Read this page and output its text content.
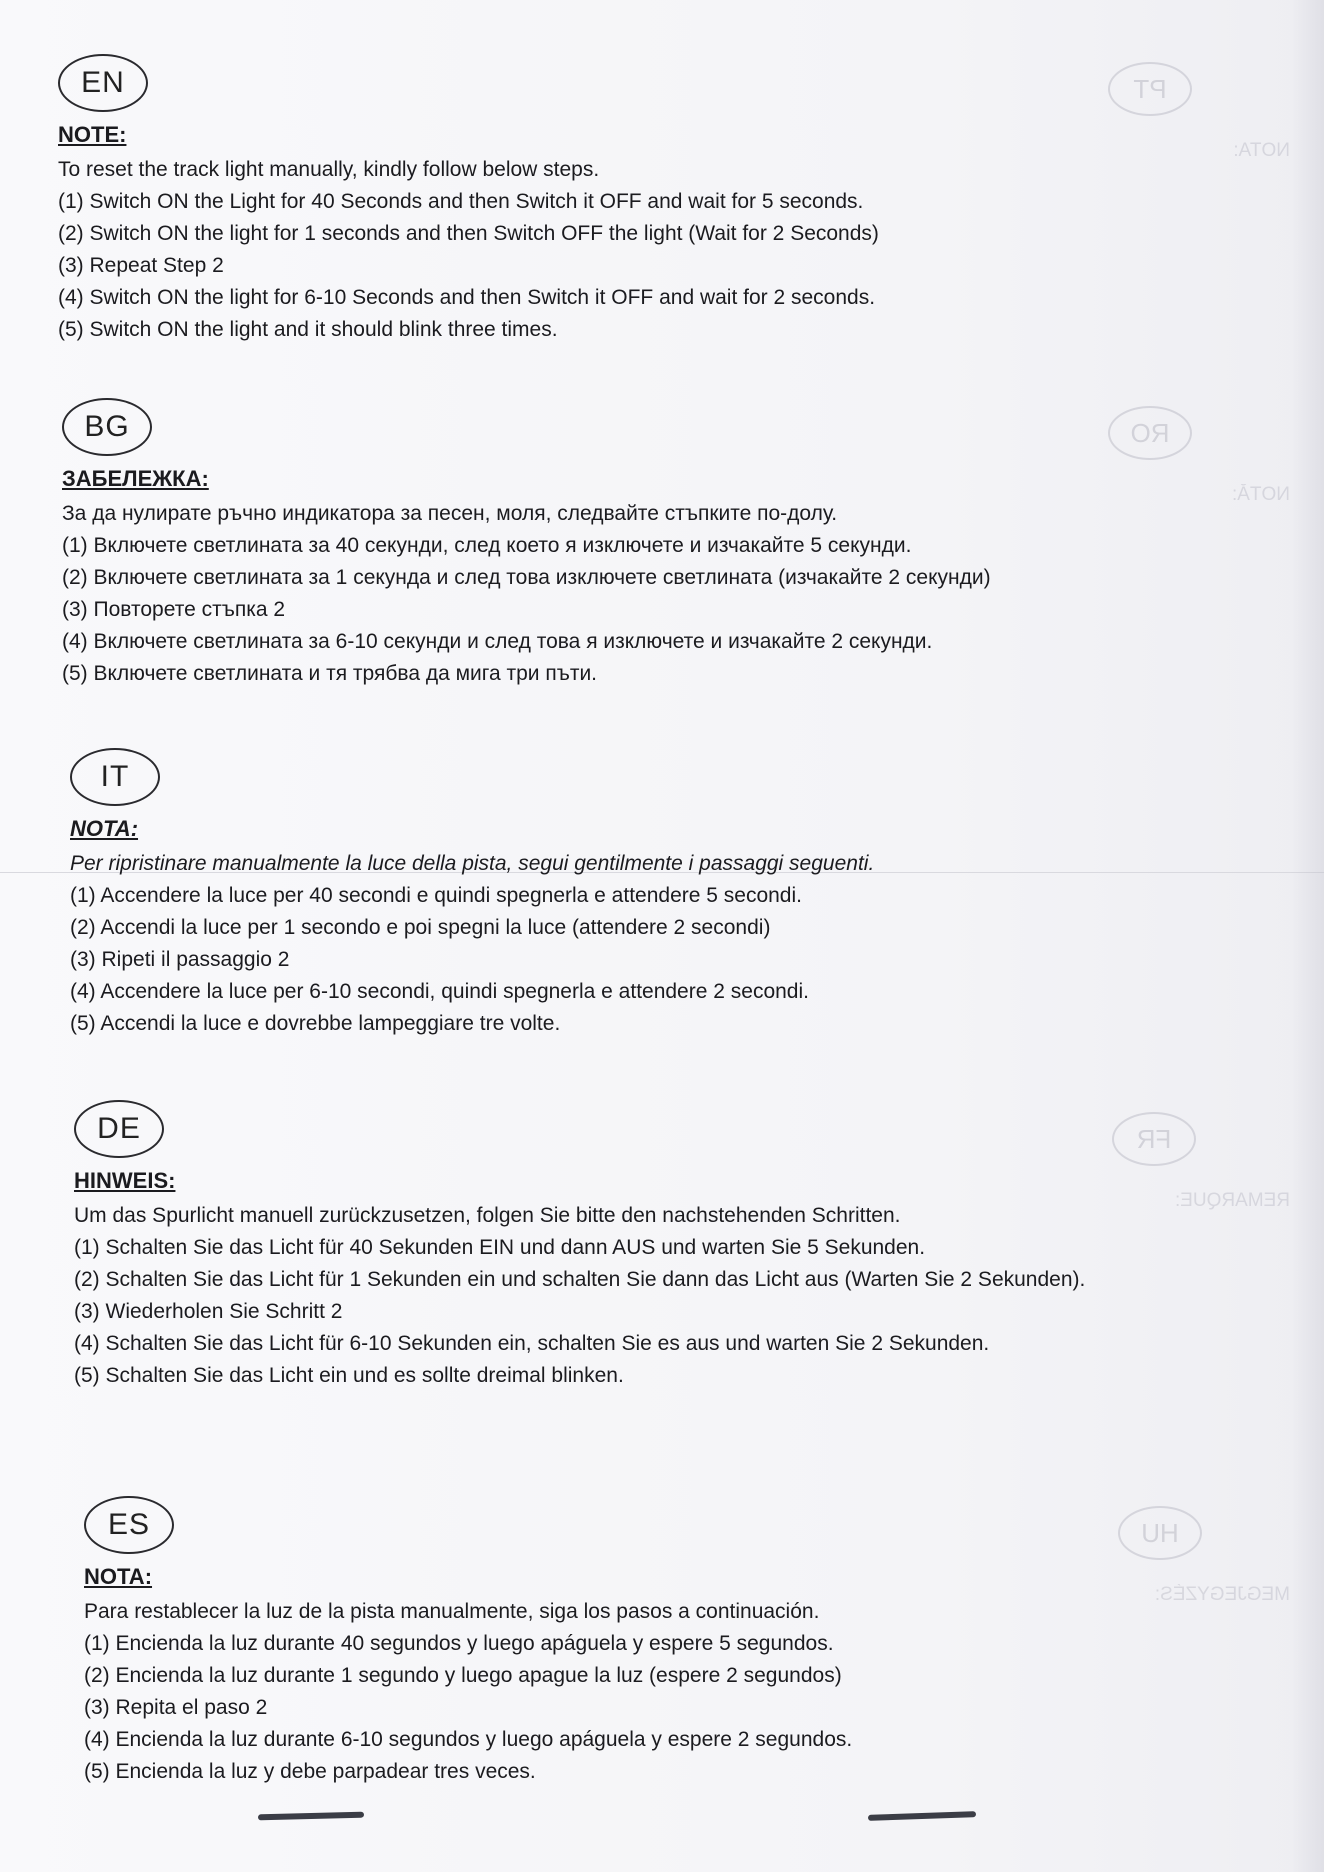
PT
NOTA:
RO
NOTĂ:
FR
REMARQUE:
HU
MEGJEGYZÉS:
EN
NOTE:

To reset the track light manually, kindly follow below steps.

(1) Switch ON the Light for 40 Seconds and then Switch it OFF and wait for 5 seconds.
(2) Switch ON the light for 1 seconds and then Switch OFF the light (Wait for 2 Seconds)
(3) Repeat Step 2
(4) Switch ON the light for 6-10 Seconds and then Switch it OFF and wait for 2 seconds.
(5) Switch ON the light and it should blink three times.
BG
ЗАБЕЛЕЖКА:

За да нулирате ръчно индикатора за песен, моля, следвайте стъпките по-долу.

(1) Включете светлината за 40 секунди, след което я изключете и изчакайте 5 секунди.
(2) Включете светлината за 1 секунда и след това изключете светлината (изчакайте 2 секунди)
(3) Повторете стъпка 2
(4) Включете светлината за 6-10 секунди и след това я изключете и изчакайте 2 секунди.
(5) Включете светлината и тя трябва да мига три пъти.
IT
NOTA:

Per ripristinare manualmente la luce della pista, segui gentilmente i passaggi seguenti.

(1) Accendere la luce per 40 secondi e quindi spegnerla e attendere 5 secondi.
(2) Accendi la luce per 1 secondo e poi spegni la luce (attendere 2 secondi)
(3) Ripeti il passaggio 2
(4) Accendere la luce per 6-10 secondi, quindi spegnerla e attendere 2 secondi.
(5) Accendi la luce e dovrebbe lampeggiare tre volte.
DE
HINWEIS:

Um das Spurlicht manuell zurückzusetzen, folgen Sie bitte den nachstehenden Schritten.

(1) Schalten Sie das Licht für 40 Sekunden EIN und dann AUS und warten Sie 5 Sekunden.
(2) Schalten Sie das Licht für 1 Sekunden ein und schalten Sie dann das Licht aus (Warten Sie 2 Sekunden).
(3) Wiederholen Sie Schritt 2
(4) Schalten Sie das Licht für 6-10 Sekunden ein, schalten Sie es aus und warten Sie 2 Sekunden.
(5) Schalten Sie das Licht ein und es sollte dreimal blinken.
ES
NOTA:

Para restablecer la luz de la pista manualmente, siga los pasos a continuación.

(1) Encienda la luz durante 40 segundos y luego apáguela y espere 5 segundos.
(2) Encienda la luz durante 1 segundo y luego apague la luz (espere 2 segundos)
(3) Repita el paso 2
(4) Encienda la luz durante 6-10 segundos y luego apáguela y espere 2 segundos.
(5) Encienda la luz y debe parpadear tres veces.
